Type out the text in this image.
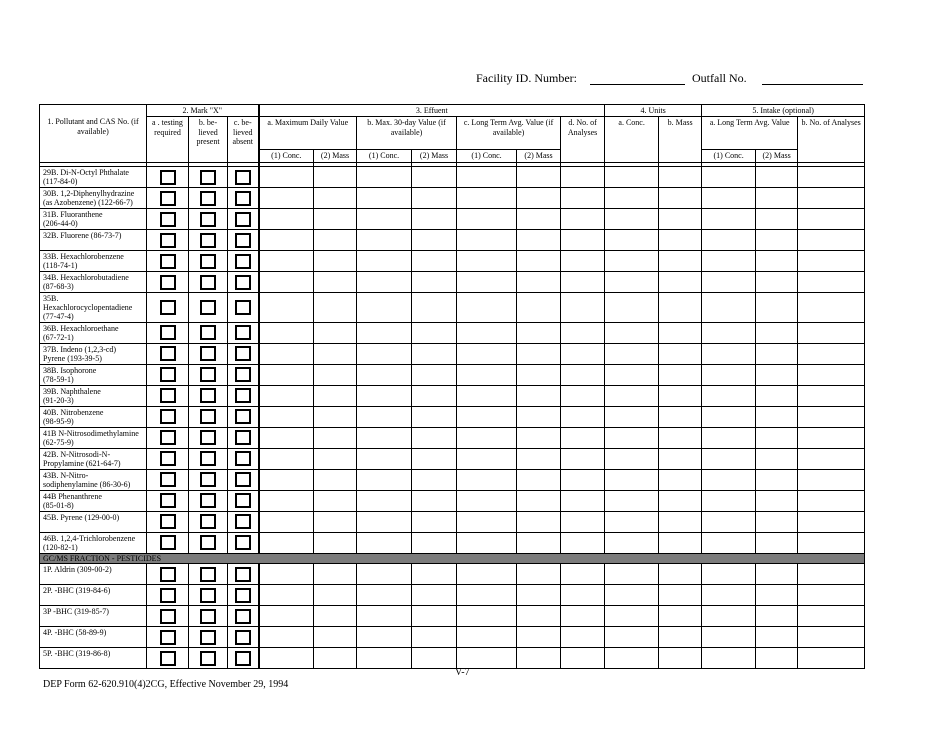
Facility ID. Number:	Outfall No.
1. Pollutant and CAS No. (if available)	2. Mark "X"			3. Effuent							4. Units		5. Intake (optional)		
	a . testing required	b. be- lieved present	c. be- lieved absent	a. Maximum Daily Value		b. Max. 30-day Value (if available)		c. Long Term Avg. Value (if available)		d. No. of Analyses	a. Conc.	b. Mass	a. Long Term Avg. Value		b. No. of Analyses
				(1) Conc.	(2) Mass	(1) Conc.	(2) Mass	(1) Conc.	(2) Mass				(1) Conc.	(2) Mass	

29B. Di-N-Octyl Phthalate
(117-84-0)															

30B. 1,2-Diphenylhydrazine
(as Azobenzene) (122-66-7)															

31B. Fluoranthene
(206-44-0)															

32B. Fluorene (86-73-7)															

33B. Hexachlorobenzene
(118-74-1)															

34B. Hexachlorobutadiene
(87-68-3)															

35B. Hexachlorocyclopentadiene
(77-47-4)															

36B. Hexachloroethane
(67-72-1)															

37B. Indeno (1,2,3-cd)
Pyrene (193-39-5)															

38B. Isophorone
(78-59-1)															

39B. Naphthalene
(91-20-3)															

40B. Nitrobenzene
(98-95-9)															

41B N-Nitrosodimethylamine
(62-75-9)															

42B. N-Nitrosodi-N-
Propylamine (621-64-7)															

43B. N-Nitro-
sodiphenylamine (86-30-6)															

44B Phenanthrene
(85-01-8)															

45B. Pyrene (129-00-0)															

46B. 1,2,4-Trichlorobenzene
(120-82-1)															

GC/MS FRACTION - PESTICIDES															

1P. Aldrin (309-00-2)															

2P. -BHC (319-84-6)															

3P -BHC (319-85-7)															

4P. -BHC (58-89-9)															

5P. -BHC (319-86-8)															

V-7
DEP Form 62-620.910(4)2CG, Effective November 29, 1994
